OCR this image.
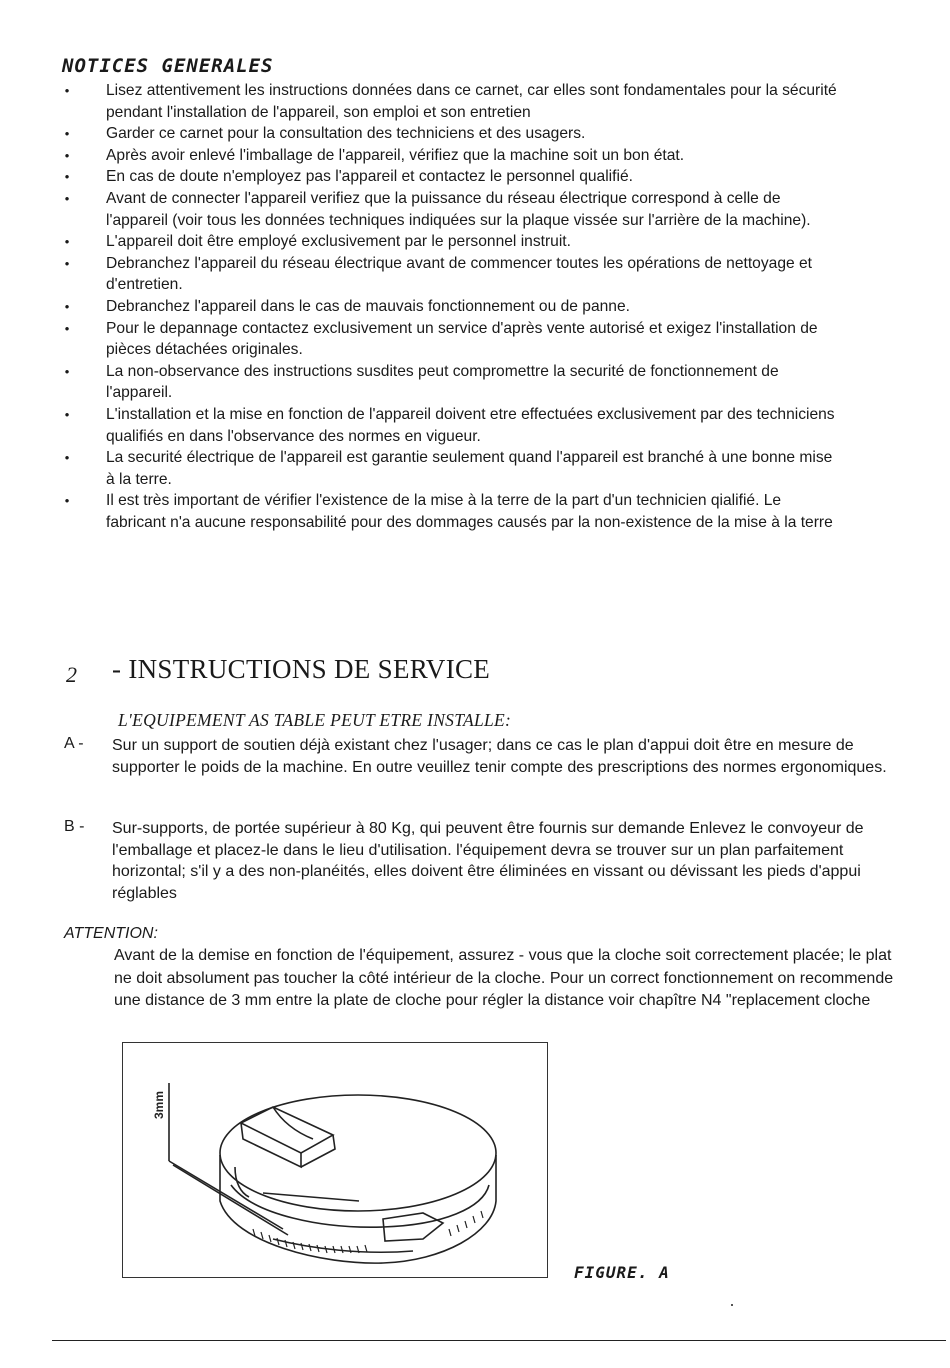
NOTICES GENERALES
• Lisez attentivement les instructions données dans ce carnet, car elles sont fondamentales pour la sécurité pendant l'installation de l'appareil, son emploi et son entretien
• Garder ce carnet pour la consultation des techniciens et des usagers.
• Après avoir enlevé l'imballage de l'appareil, vérifiez que la machine soit un bon état.
• En cas de doute n'employez pas l'appareil et contactez le personnel qualifié.
• Avant de connecter l'appareil verifiez que la puissance du réseau électrique correspond à celle de l'appareil (voir tous les données techniques indiquées sur la plaque vissée sur l'arrière de la machine).
• L'appareil doit être employé exclusivement par le personnel instruit.
• Debranchez l'appareil du réseau électrique avant de commencer toutes les opérations de nettoyage et d'entretien.
• Debranchez l'appareil dans le cas de mauvais fonctionnement ou de panne.
• Pour le depannage contactez exclusivement un service d'après vente autorisé et exigez l'installation de pièces détachées originales.
• La non-observance des instructions susdites peut compromettre la securité de fonctionnement de l'appareil.
• L'installation et la mise en fonction de l'appareil doivent etre effectuées exclusivement par des techniciens qualifiés en dans l'observance des normes en vigueur.
• La securité électrique de l'appareil est garantie seulement quand l'appareil est branché à une bonne mise à la terre.
• Il est très important de vérifier l'existence de la mise à la terre de la part d'un technicien qialifié. Le fabricant n'a aucune responsabilité pour des dommages causés par la non-existence de la mise à la terre
2 - INSTRUCTIONS DE SERVICE
L'EQUIPEMENT AS TABLE PEUT ETRE INSTALLE:
A - Sur un support de soutien déjà existant chez l'usager; dans ce cas le plan d'appui doit être en mesure de supporter le poids de la machine. En outre veuillez tenir compte des prescriptions des normes ergonomiques.
B - Sur-supports, de portée supérieur à 80 Kg, qui peuvent être fournis sur demande Enlevez le convoyeur de l'emballage et placez-le dans le lieu d'utilisation. l'équipement devra se trouver sur un plan parfaitement horizontal; s'il y a des non-planéités, elles doivent être éliminées en vissant ou dévissant les pieds d'appui réglables
ATTENTION:
Avant de la demise en fonction de l'équipement, assurez - vous que la cloche soit correctement placée; le plat ne doit absolument pas toucher la côté intérieur de la cloche. Pour un correct fonctionnement on recommende une distance de 3 mm entre la plate de cloche pour régler la distance voir chapître N4 "replacement cloche
3mm
FIGURE. A
